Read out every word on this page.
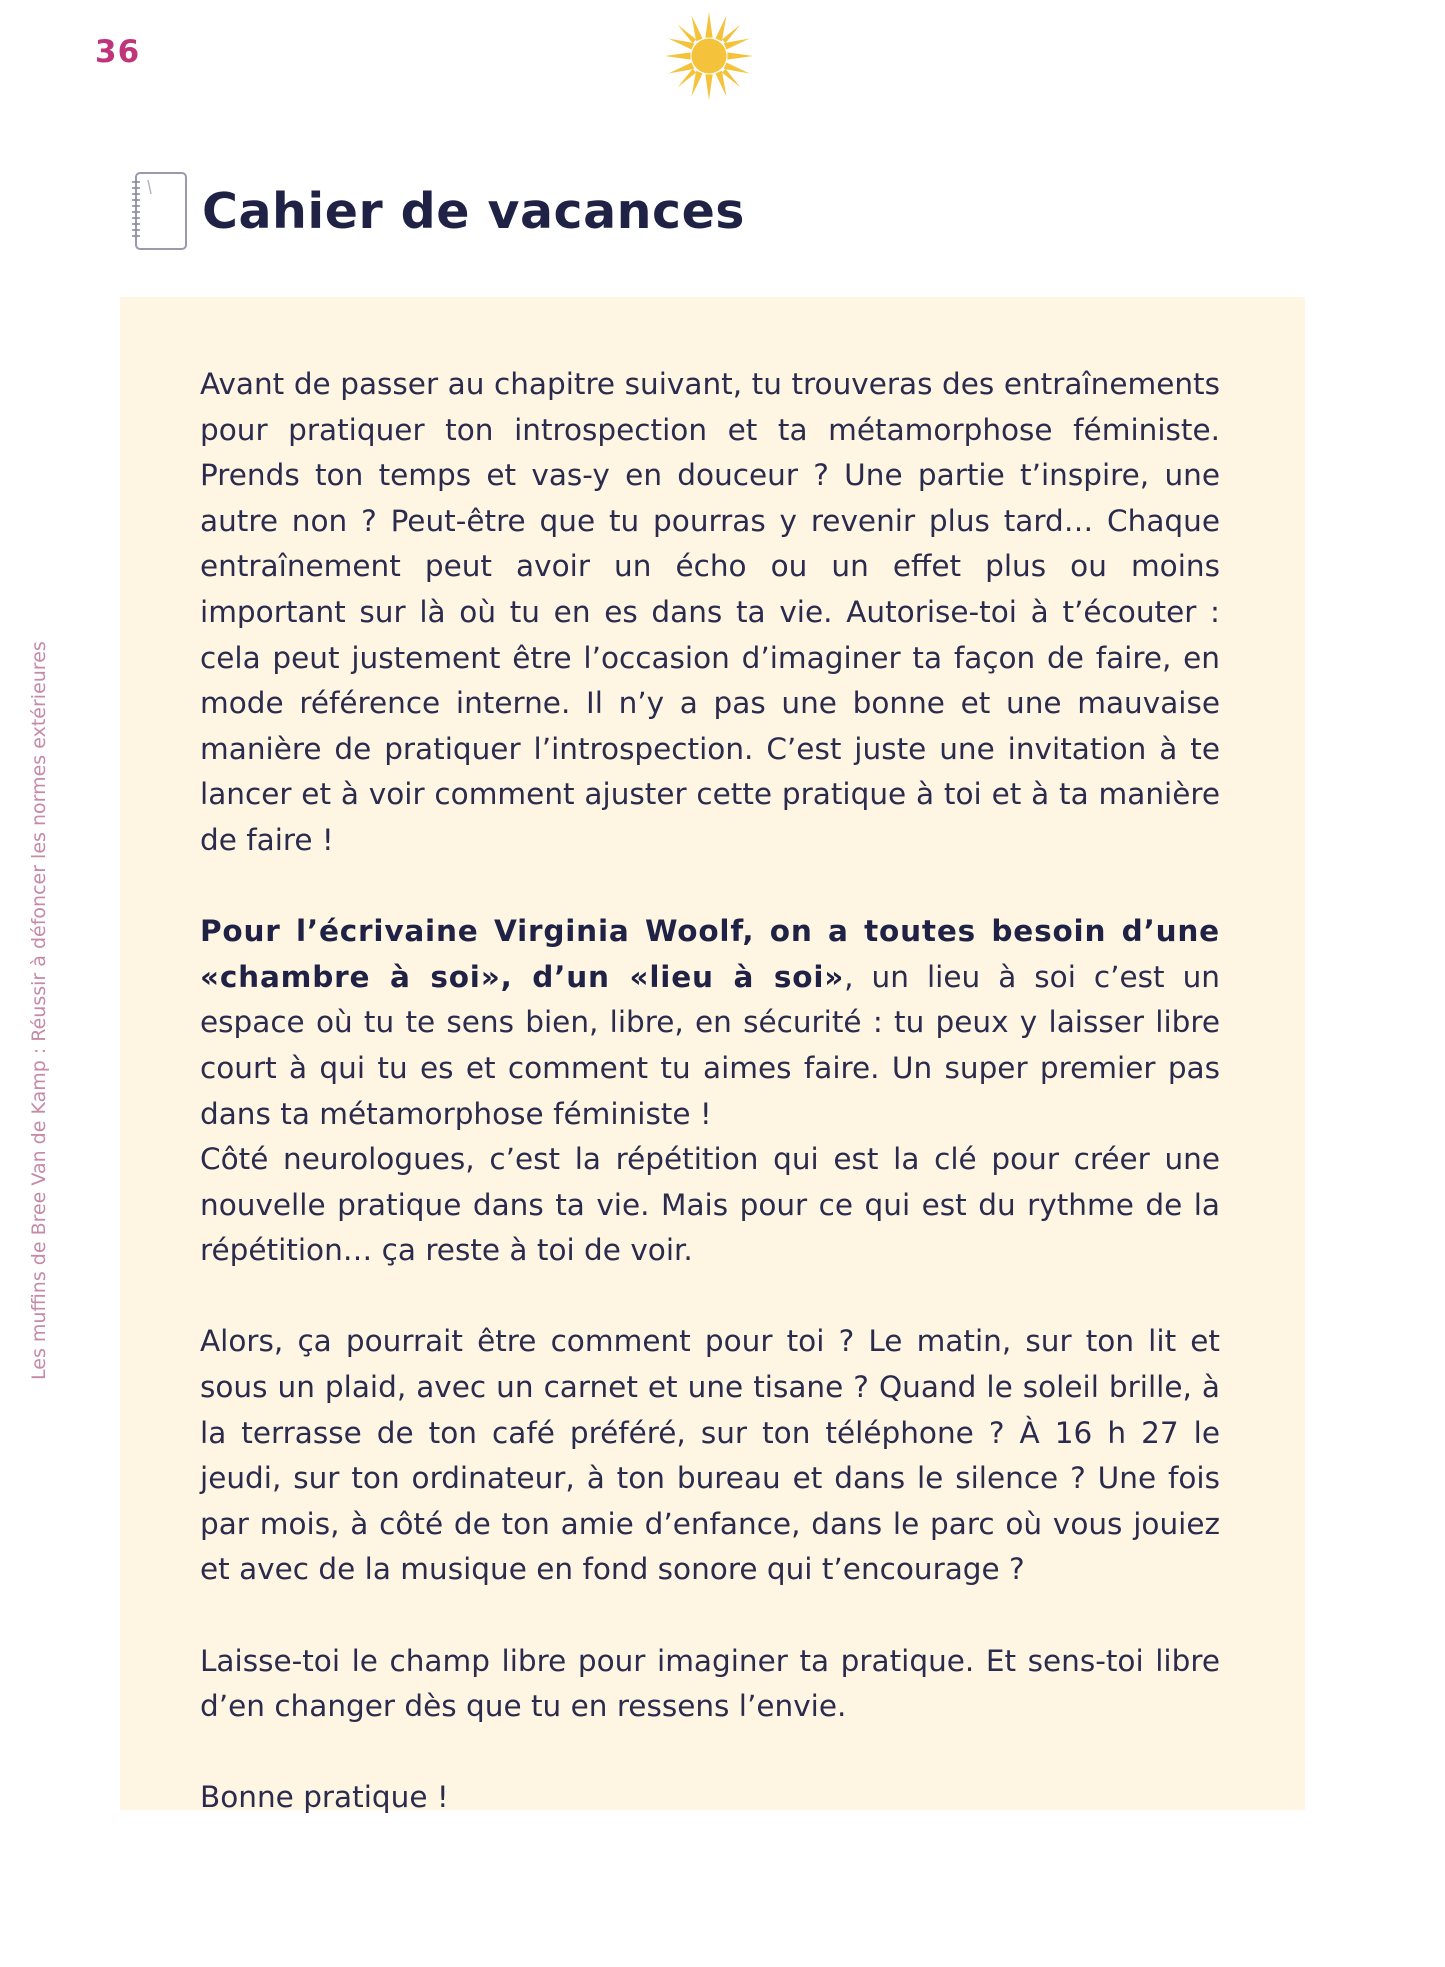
36
Les muffins de Bree Van de Kamp : Réussir à défoncer les normes extérieures
Cahier de vacances

Avant de passer au chapitre suivant, tu trouveras des entraînements pour pratiquer ton introspection et ta métamorphose féministe. Prends ton temps et vas-y en douceur ? Une partie t’inspire, une autre non ? Peut-être que tu pourras y revenir plus tard… Chaque entraînement peut avoir un écho ou un effet plus ou moins important sur là où tu en es dans ta vie. Autorise-toi à t’écouter : cela peut justement être l’occasion d’imaginer ta façon de faire, en mode référence interne. Il n’y a pas une bonne et une mauvaise manière de pratiquer l’introspection. C’est juste une invitation à te lancer et à voir comment ajuster cette pratique à toi et à ta manière de faire !

Pour l’écrivaine Virginia Woolf, on a toutes besoin d’une «chambre à soi», d’un «lieu à soi», un lieu à soi c’est un espace où tu te sens bien, libre, en sécurité : tu peux y laisser libre court à qui tu es et comment tu aimes faire. Un super premier pas dans ta métamorphose féministe !

Côté neurologues, c’est la répétition qui est la clé pour créer une nouvelle pratique dans ta vie. Mais pour ce qui est du rythme de la répétition… ça reste à toi de voir.

Alors, ça pourrait être comment pour toi ? Le matin, sur ton lit et sous un plaid, avec un carnet et une tisane ? Quand le soleil brille, à la terrasse de ton café préféré, sur ton téléphone ? À 16 h 27 le jeudi, sur ton ordinateur, à ton bureau et dans le silence ? Une fois par mois, à côté de ton amie d’enfance, dans le parc où vous jouiez et avec de la musique en fond sonore qui t’encourage ?

Laisse-toi le champ libre pour imaginer ta pratique. Et sens-toi libre d’en changer dès que tu en ressens l’envie.

Bonne pratique !
